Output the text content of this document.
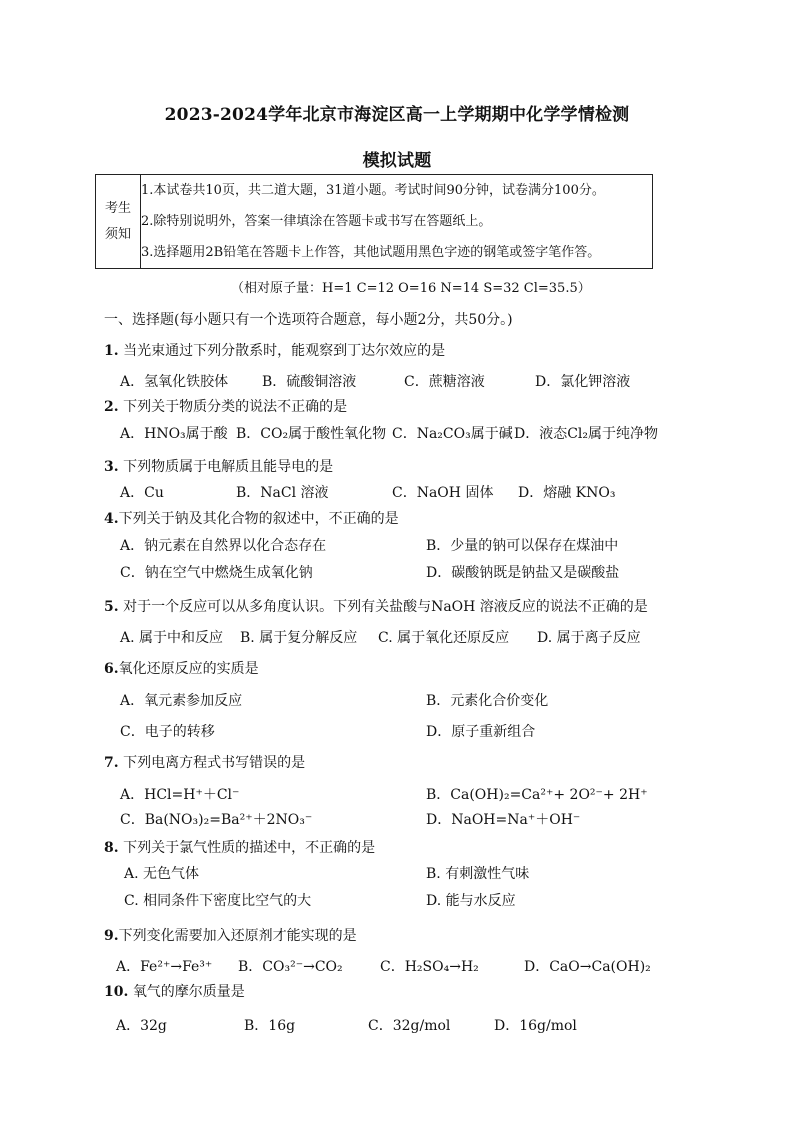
2023-2024学年北京市海淀区高一上学期期中化学学情检测
模拟试题
考生
须知

1.本试卷共10页，共二道大题，31道小题。考试时间90分钟，试卷满分100分。
2.除特别说明外，答案一律填涂在答题卡或书写在答题纸上。
3.选择题用2B铅笔在答题卡上作答，其他试题用黑色字迹的钢笔或签字笔作答。
（相对原子量：H=1 C=12 O=16 N=14 S=32 Cl=35.5）
一、选择题(每小题只有一个选项符合题意，每小题2分，共50分。)
1. 当光束通过下列分散系时，能观察到丁达尔效应的是
A．氢氧化铁胶体 B．硫酸铜溶液	C．蔗糖溶液	D．氯化钾溶液
2. 下列关于物质分类的说法不正确的是
A．HNO₃属于酸 B．CO₂属于酸性氧化物 C．Na₂CO₃属于碱 D．液态Cl₂属于纯净物
3. 下列物质属于电解质且能导电的是
A．Cu	B．NaCl 溶液	C．NaOH 固体 D．熔融 KNO₃
4.下列关于钠及其化合物的叙述中，不正确的是
A．钠元素在自然界以化合态存在	B．少量的钠可以保存在煤油中
C．钠在空气中燃烧生成氧化钠	D．碳酸钠既是钠盐又是碳酸盐
5. 对于一个反应可以从多角度认识。下列有关盐酸与NaOH 溶液反应的说法不正确的是
A. 属于中和反应 B. 属于复分解反应 C. 属于氧化还原反应 D. 属于离子反应
6.氧化还原反应的实质是
A．氧元素参加反应	B．元素化合价变化
C．电子的转移	D．原子重新组合
7. 下列电离方程式书写错误的是
A．HCl=H⁺＋Cl⁻	B．Ca(OH)₂=Ca²⁺+ 2O²⁻+ 2H⁺
C．Ba(NO₃)₂=Ba²⁺＋2NO₃⁻	D．NaOH=Na⁺＋OH⁻
8. 下列关于氯气性质的描述中，不正确的是
A. 无色气体	B. 有刺激性气味
C. 相同条件下密度比空气的大	D. 能与水反应
9.下列变化需要加入还原剂才能实现的是
A．Fe²⁺→Fe³⁺ B．CO₃²⁻→CO₂	C．H₂SO₄→H₂	D．CaO→Ca(OH)₂
10. 氧气的摩尔质量是
A．32g	B．16g	C．32g/mol	D．16g/mol
